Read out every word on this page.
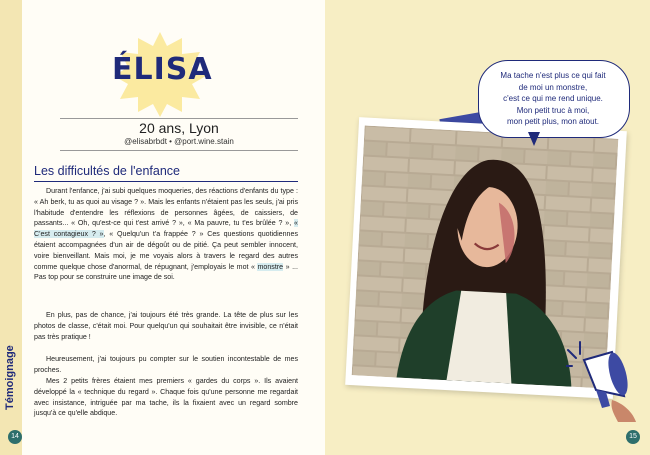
Témoignage
14
ÉLISA
20 ans, Lyon
@elisabrbdt • @port.wine.stain
Les difficultés de l'enfance

Durant l'enfance, j'ai subi quelques moqueries, des réactions d'enfants du type : « Ah berk, tu as quoi au visage ? ». Mais les enfants n'étaient pas les seuls, j'ai pris l'habitude d'entendre les réflexions de personnes âgées, de caissiers, de passants... « Oh, qu'est-ce qui t'est arrivé ? », « Ma pauvre, tu t'es brûlée ? », « C'est contagieux ? », « Quelqu'un t'a frappée ? » Ces questions quotidiennes étaient accompagnées d'un air de dégoût ou de pitié. Ça peut sembler innocent, voire bienveillant. Mais moi, je me voyais alors à travers le regard des autres comme quelque chose d'anormal, de répugnant, j'employais le mot « monstre » ... Pas top pour se construire une image de soi.

En plus, pas de chance, j'ai toujours été très grande. La tête de plus sur les photos de classe, c'était moi. Pour quelqu'un qui souhaitait être invisible, ce n'était pas très pratique !

Heureusement, j'ai toujours pu compter sur le soutien incontestable de mes proches.

Mes 2 petits frères étaient mes premiers « gardes du corps ». Ils avaient développé la « technique du regard ». Chaque fois qu'une personne me regardait avec insistance, intriguée par ma tache, ils la fixaient avec un regard sombre jusqu'à ce qu'elle abdique.

Ma tache n'est plus ce qui fait
de moi un monstre,
c'est ce qui me rend unique.
Mon petit truc à moi,
mon petit plus, mon atout.
15
